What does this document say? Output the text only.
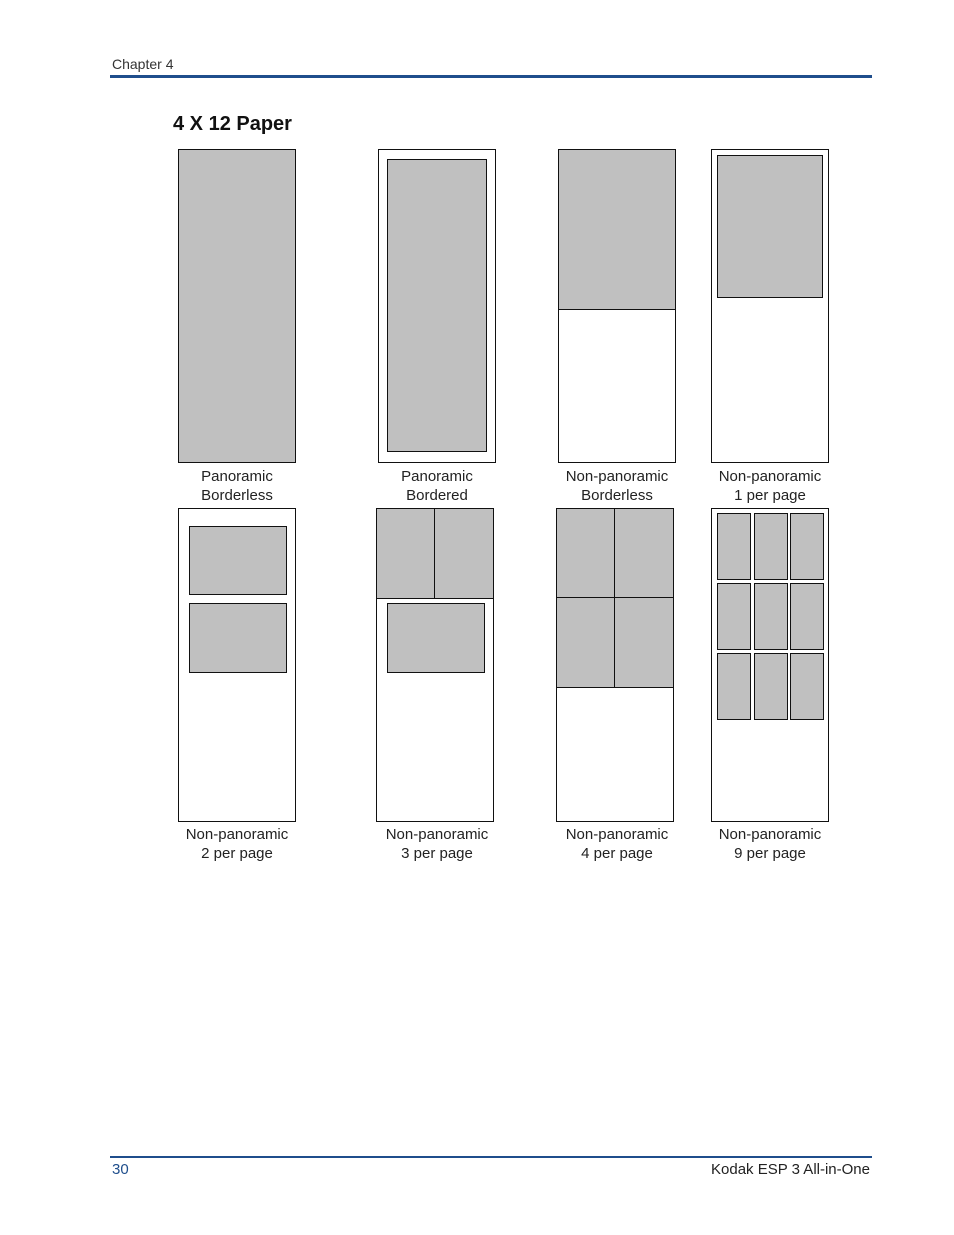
Chapter 4
4 X 12 Paper
Panoramic
Borderless
Panoramic
Bordered
Non-panoramic
Borderless
Non-panoramic
1 per page
Non-panoramic
2 per page
Non-panoramic
3 per page
Non-panoramic
4 per page
Non-panoramic
9 per page
30	Kodak ESP 3 All-in-One
